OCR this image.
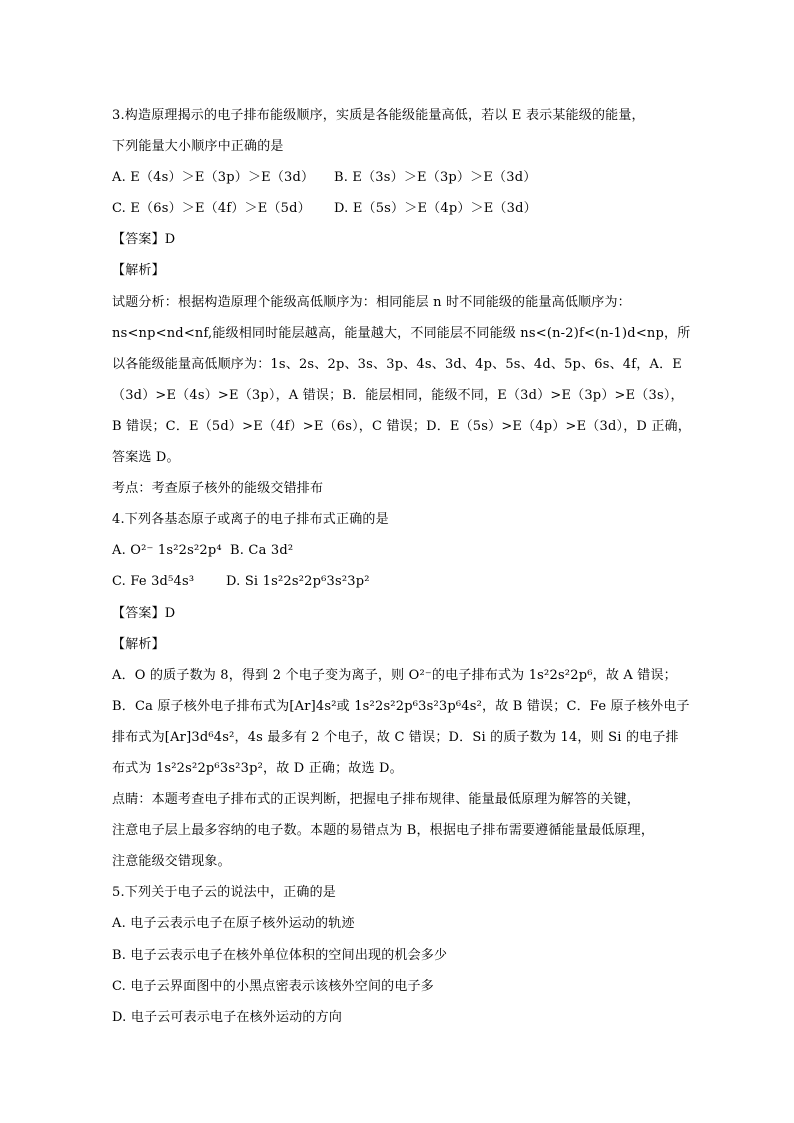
3.构造原理揭示的电子排布能级顺序，实质是各能级能量高低，若以 E 表示某能级的能量，
下列能量大小顺序中正确的是
A. E（4s）＞E（3p）＞E（3d） B. E（3s）＞E（3p）＞E（3d）
C. E（6s）＞E（4f）＞E（5d） D. E（5s）＞E（4p）＞E（3d）
【答案】D
【解析】
试题分析：根据构造原理个能级高低顺序为：相同能层 n 时不同能级的能量高低顺序为：
ns<np<nd<nf,能级相同时能层越高，能量越大，不同能层不同能级 ns<(n-2)f<(n-1)d<np，所
以各能级能量高低顺序为：1s、2s、2p、3s、3p、4s、3d、4p、5s、4d、5p、6s、4f，A．E
（3d）>E（4s）>E（3p），A 错误；B．能层相同，能级不同，E（3d）>E（3p）>E（3s），
B 错误；C．E（5d）>E（4f）>E（6s），C 错误；D．E（5s）>E（4p）>E（3d），D 正确，
答案选 D。
考点：考查原子核外的能级交错排布
4.下列各基态原子或离子的电子排布式正确的是
A. O²⁻ 1s²2s²2p⁴ B. Ca 3d²
C. Fe 3d⁵4s³ D. Si 1s²2s²2p⁶3s²3p²
【答案】D
【解析】
A．O 的质子数为 8，得到 2 个电子变为离子，则 O²⁻的电子排布式为 1s²2s²2p⁶，故 A 错误；
B．Ca 原子核外电子排布式为[Ar]4s²或 1s²2s²2p⁶3s²3p⁶4s²，故 B 错误；C．Fe 原子核外电子
排布式为[Ar]3d⁶4s²，4s 最多有 2 个电子，故 C 错误；D．Si 的质子数为 14，则 Si 的电子排
布式为 1s²2s²2p⁶3s²3p²，故 D 正确；故选 D。
点睛：本题考查电子排布式的正误判断，把握电子排布规律、能量最低原理为解答的关键，
注意电子层上最多容纳的电子数。本题的易错点为 B，根据电子排布需要遵循能量最低原理，
注意能级交错现象。
5.下列关于电子云的说法中，正确的是
A. 电子云表示电子在原子核外运动的轨迹
B. 电子云表示电子在核外单位体积的空间出现的机会多少
C. 电子云界面图中的小黑点密表示该核外空间的电子多
D. 电子云可表示电子在核外运动的方向
